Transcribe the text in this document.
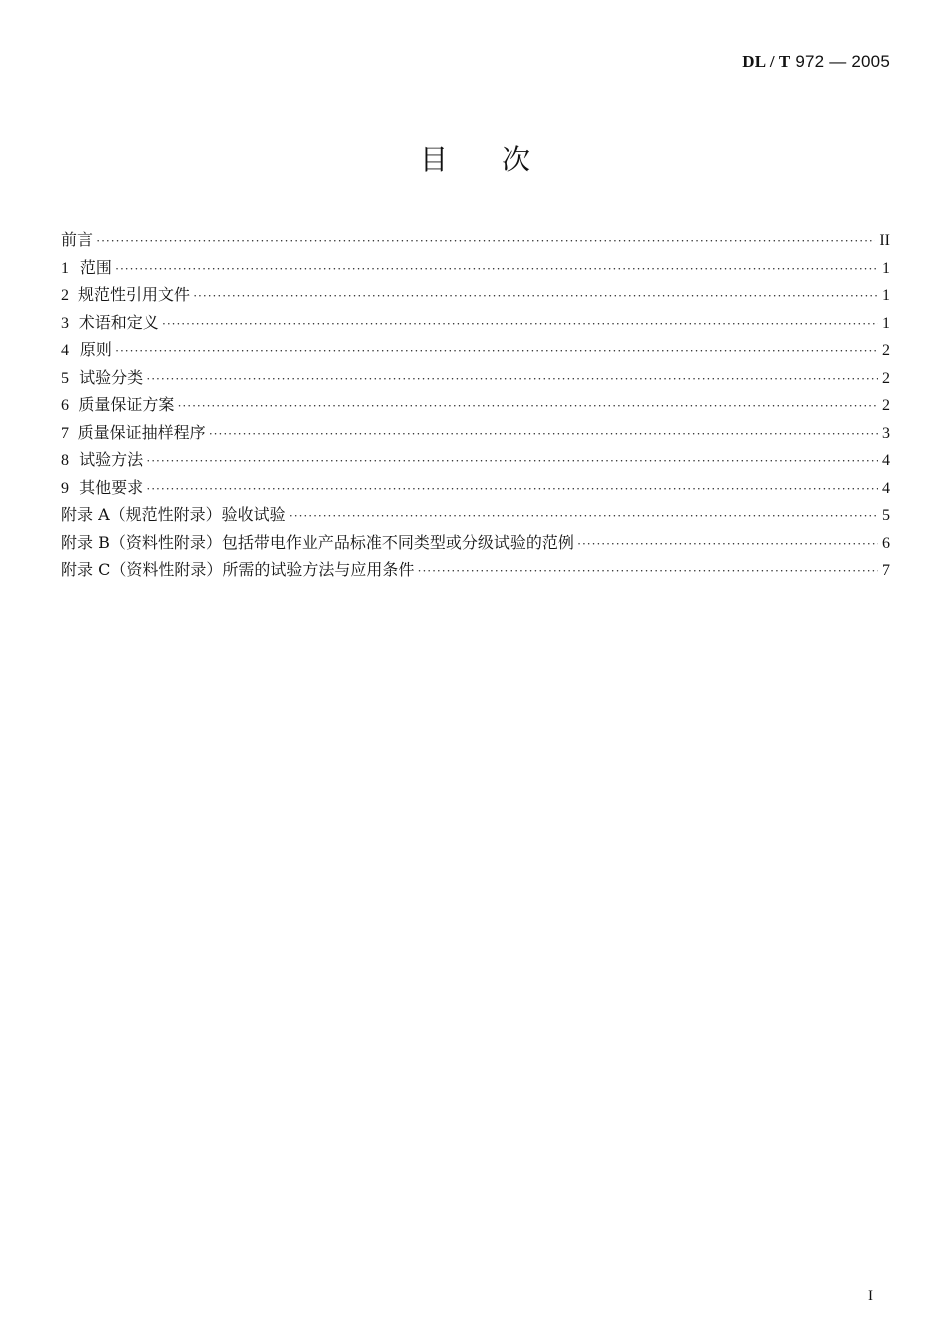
DL / T 972 — 2005
目 次
前言 ·····	II
1 范围 ·····	1
2 规范性引用文件 ·····	1
3 术语和定义 ·····	1
4 原则 ·····	2
5 试验分类 ·····	2
6 质量保证方案 ·····	2
7 质量保证抽样程序 ·····	3
8 试验方法 ·····	4
9 其他要求 ·····	4
附录 A（规范性附录） 验收试验 ·····	5
附录 B（资料性附录） 包括带电作业产品标准不同类型或分级试验的范例 ·····	6
附录 C（资料性附录） 所需的试验方法与应用条件 ·····	7
I
